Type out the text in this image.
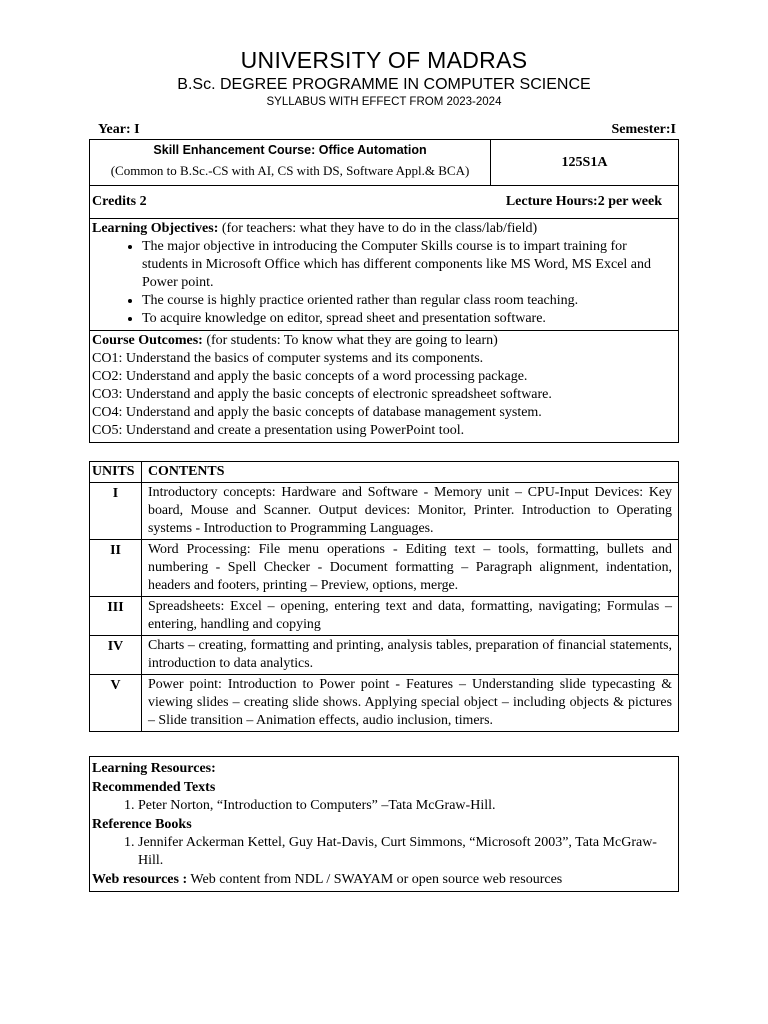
UNIVERSITY OF MADRAS
B.Sc. DEGREE PROGRAMME IN COMPUTER SCIENCE
SYLLABUS WITH EFFECT FROM 2023-2024
Year: I	Semester:I
Skill Enhancement Course: Office Automation
(Common to B.Sc.-CS with AI, CS with DS, Software Appl.& BCA)
	125S1A
Credits 2	Lecture Hours:2 per week

Learning Objectives: (for teachers: what they have to do in the class/lab/field)
• The major objective in introducing the Computer Skills course is to impart training for students in Microsoft Office which has different components like MS Word, MS Excel and Power point.
• The course is highly practice oriented rather than regular class room teaching.
• To acquire knowledge on editor, spread sheet and presentation software.

Course Outcomes: (for students: To know what they are going to learn)
CO1: Understand the basics of computer systems and its components.
CO2: Understand and apply the basic concepts of a word processing package.
CO3: Understand and apply the basic concepts of electronic spreadsheet software.
CO4: Understand and apply the basic concepts of database management system.
CO5: Understand and create a presentation using PowerPoint tool.
UNITS	CONTENTS
I	Introductory concepts: Hardware and Software - Memory unit – CPU-Input Devices: Key board, Mouse and Scanner. Output devices: Monitor, Printer. Introduction to Operating systems - Introduction to Programming Languages.
II	Word Processing: File menu operations - Editing text – tools, formatting, bullets and numbering - Spell Checker - Document formatting – Paragraph alignment, indentation, headers and footers, printing – Preview, options, merge.
III	Spreadsheets: Excel – opening, entering text and data, formatting, navigating; Formulas – entering, handling and copying
IV	Charts – creating, formatting and printing, analysis tables, preparation of financial statements, introduction to data analytics.
V	Power point: Introduction to Power point - Features – Understanding slide typecasting & viewing slides – creating slide shows. Applying special object – including objects & pictures – Slide transition – Animation effects, audio inclusion, timers.
Learning Resources:
Recommended Texts
1. Peter Norton, “Introduction to Computers” –Tata McGraw-Hill.
Reference Books
1. Jennifer Ackerman Kettel, Guy Hat-Davis, Curt Simmons, “Microsoft 2003”, Tata McGraw- Hill.
Web resources : Web content from NDL / SWAYAM or open source web resources
